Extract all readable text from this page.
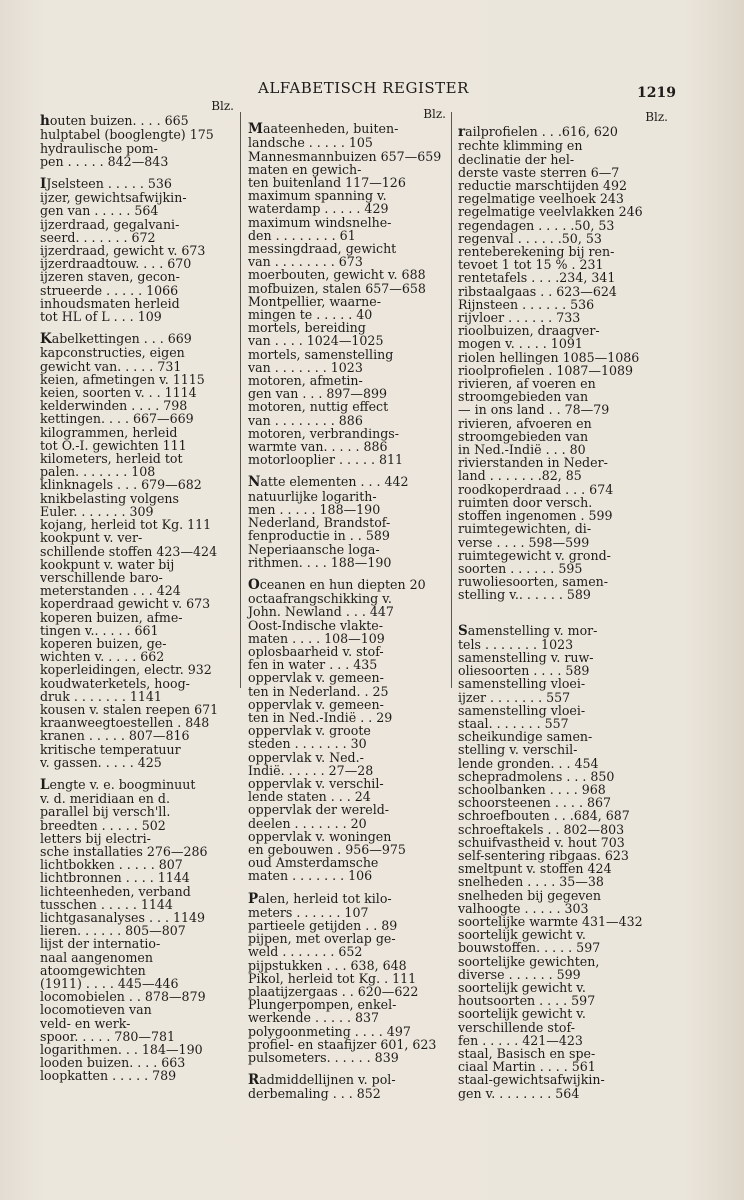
ALFABETISCH REGISTER	1219
Blz.
houten buizen. . . . 665
hulptabel (booglengte) 175
hydraulische pom-
pen . . . . . 842—843
IJselsteen . . . . . 536
ijzer, gewichtsafwijkin-
gen van . . . . . 564
ijzerdraad, gegalvani-
seerd. . . . . . . 672
ijzerdraad, gewicht v. 673
ijzerdraadtouw. . . . 670
ijzeren staven, gecon-
strueerde . . . . . 1066
inhoudsmaten herleid
tot HL of L . . . 109
Kabelkettingen . . . 669
kapconstructies, eigen
gewicht van. . . . . 731
keien, afmetingen v. 1115
keien, soorten v. . . 1114
kelderwinden . . . . 798
kettingen. . . . 667—669
kilogrammen, herleid
tot O.-I. gewichten 111
kilometers, herleid tot
palen. . . . . . . 108
klinknagels . . . 679—682
knikbelasting volgens
Euler. . . . . . . 309
kojang, herleid tot Kg. 111
kookpunt v. ver-
schillende stoffen 423—424
kookpunt v. water bij
verschillende baro-
meterstanden . . . 424
koperdraad gewicht v. 673
koperen buizen, afme-
tingen v.. . . . . 661
koperen buizen, ge-
wichten v. . . . . 662
koperleidingen, electr. 932
koudwaterketels, hoog-
druk . . . . . . . 1141
kousen v. stalen reepen 671
kraanweegtoestellen . 848
kranen . . . . . 807—816
kritische temperatuur
v. gassen. . . . . 425
Lengte v. e. boogminuut
v. d. meridiaan en d.
parallel bij versch'll.
breedten . . . . . 502
letters bij electri-
sche installaties 276—286
lichtbokken . . . . . 807
lichtbronnen . . . . 1144
lichteenheden, verband
tusschen . . . . . 1144
lichtgasanalyses . . . 1149
lieren. . . . . . 805—807
lijst der internatio-
naal aangenomen
atoomgewichten
(1911) . . . . 445—446
locomobielen . . 878—879
locomotieven van
veld- en werk-
spoor. . . . . 780—781
logarithmen. . . 184—190
looden buizen. . . . 663
loopkatten . . . . . 789
Blz.
Maateenheden, buiten-
landsche . . . . . 105
Mannesmannbuizen 657—659
maten en gewich-
ten buitenland 117—126
maximum spanning v.
waterdamp . . . . . 429
maximum windsnelhe-
den . . . . . . . . 61
messingdraad, gewicht
van . . . . . . . . 673
moerbouten, gewicht v. 688
mofbuizen, stalen 657—658
Montpellier, waarne-
mingen te . . . . . 40
mortels, bereiding
van . . . . 1024—1025
mortels, samenstelling
van . . . . . . . 1023
motoren, afmetin-
gen van . . . 897—899
motoren, nuttig effect
van . . . . . . . . 886
motoren, verbrandings-
warmte van. . . . . 886
motorlooplier . . . . . 811
Natte elementen . . . 442
natuurlijke logarith-
men . . . . . 188—190
Nederland, Brandstof-
fenproductie in . . 589
Neperiaansche loga-
rithmen. . . . 188—190
Oceanen en hun diepten 20
octaafrangschikking v.
John. Newland . . . 447
Oost-Indische vlakte-
maten . . . . 108—109
oplosbaarheid v. stof-
fen in water . . . 435
oppervlak v. gemeen-
ten in Nederland. . 25
oppervlak v. gemeen-
ten in Ned.-Indië . . 29
oppervlak v. groote
steden . . . . . . . 30
oppervlak v. Ned.-
Indië. . . . . . 27—28
oppervlak v. verschil-
lende staten . . . 24
oppervlak der wereld-
deelen . . . . . . . 20
oppervlak v. woningen
en gebouwen . 956—975
oud Amsterdamsche
maten . . . . . . . 106
Palen, herleid tot kilo-
meters . . . . . . 107
partieele getijden . . 89
pijpen, met overlap ge-
weld . . . . . . . 652
pijpstukken . . . 638, 648
Pikol, herleid tot Kg. . 111
plaatijzergaas . . 620—622
Plungerpompen, enkel-
werkende . . . . . 837
polygoonmeting . . . . 497
profiel- en staafijzer 601, 623
pulsometers. . . . . . 839
Radmiddellijnen v. pol-
derbemaling . . . 852
Blz.
railprofielen . . .616, 620
rechte klimming en
declinatie der hel-
derste vaste sterren 6—7
reductie marschtijden 492
regelmatige veelhoek 243
regelmatige veelvlakken 246
regendagen . . . . .50, 53
regenval . . . . . .50, 53
renteberekening bij ren-
tevoet 1 tot 15 % . 231
rentetafels . . . .234, 341
ribstaalgaas . . 623—624
Rijnsteen . . . . . . 536
rijvloer . . . . . . 733
rioolbuizen, draagver-
mogen v. . . . . 1091
riolen hellingen 1085—1086
rioolprofielen . 1087—1089
rivieren, af voeren en
stroomgebieden van
— in ons land . . 78—79
rivieren, afvoeren en
stroomgebieden van
in Ned.-Indië . . . 80
rivierstanden in Neder-
land . . . . . . .82, 85
roodkoperdraad . . . 674
ruimten door versch.
stoffen ingenomen . 599
ruimtegewichten, di-
verse . . . . 598—599
ruimtegewicht v. grond-
soorten . . . . . . 595
ruwoliesoorten, samen-
stelling v.. . . . . . 589
Samenstelling v. mor-
tels . . . . . . . 1023
samenstelling v. ruw-
oliesoorten . . . . 589
samenstelling vloei-
ijzer . . . . . . . 557
samenstelling vloei-
staal. . . . . . . 557
scheikundige samen-
stelling v. verschil-
lende gronden. . . 454
schepradmolens . . . 850
schoolbanken . . . . 968
schoorsteenen . . . . 867
schroefbouten . . .684, 687
schroeftakels . . 802—803
schuifvastheid v. hout 703
self-sentering ribgaas. 623
smeltpunt v. stoffen 424
snelheden . . . . 35—38
snelheden bij gegeven
valhoogte . . . . . 303
soortelijke warmte 431—432
soortelijk gewicht v.
bouwstoffen. . . . . 597
soortelijke gewichten,
diverse . . . . . . 599
soortelijk gewicht v.
houtsoorten . . . . 597
soortelijk gewicht v.
verschillende stof-
fen . . . . . 421—423
staal, Basisch en spe-
ciaal Martin . . . . 561
staal-gewichtsafwijkin-
gen v. . . . . . . . 564
